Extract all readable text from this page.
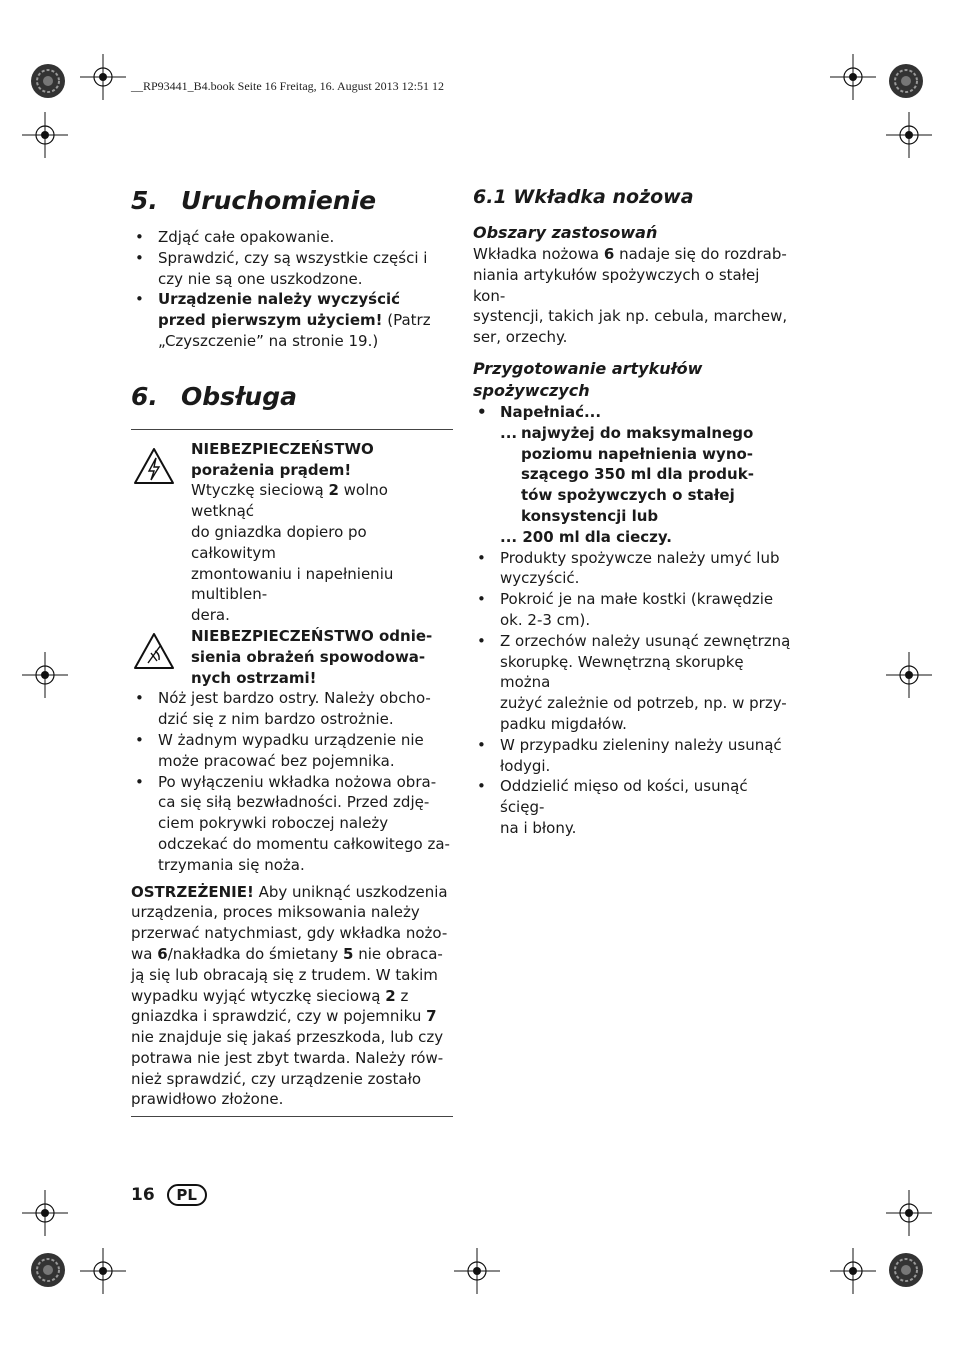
__RP93441_B4.book Seite 16 Freitag, 16. August 2013 12:51 12
5. Uruchomienie
• Zdjąć całe opakowanie.
• Sprawdzić, czy są wszystkie części i czy nie są one uszkodzone.
• Urządzenie należy wyczyścić
przed pierwszym użyciem! (Patrz
„Czyszczenie” na stronie 19.)
6. Obsługa
NIEBEZPIECZEŃSTWO
porażenia prądem!
Wtyczkę sieciową 2 wolno wetknąć
do gniazdka dopiero po całkowitym
zmontowaniu i napełnieniu multiblen-
dera.
NIEBEZPIECZEŃSTWO odnie-
sienia obrażeń spowodowa-
nych ostrzami!
• Nóż jest bardzo ostry. Należy obcho-
dzić się z nim bardzo ostrożnie.
• W żadnym wypadku urządzenie nie
może pracować bez pojemnika.
• Po wyłączeniu wkładka nożowa obra-
ca się siłą bezwładności. Przed zdję-
ciem pokrywki roboczej należy
odczekać do momentu całkowitego za-
trzymania się noża.
OSTRZEŻENIE! Aby uniknąć uszkodzenia
urządzenia, proces miksowania należy
przerwać natychmiast, gdy wkładka nożo-
wa 6/nakładka do śmietany 5 nie obraca-
ją się lub obracają się z trudem. W takim
wypadku wyjąć wtyczkę sieciową 2 z
gniazdka i sprawdzić, czy w pojemniku 7
nie znajduje się jakaś przeszkoda, lub czy
potrawa nie jest zbyt twarda. Należy rów-
nież sprawdzić, czy urządzenie zostało
prawidłowo złożone.
6.1 Wkładka nożowa
Obszary zastosowań
Wkładka nożowa 6 nadaje się do rozdrab-
niania artykułów spożywczych o stałej kon-
systencji, takich jak np. cebula, marchew,
ser, orzechy.
Przygotowanie artykułów
spożywczych
• Napełniać...
... najwyżej do maksymalnego
poziomu napełnienia wyno-
szącego 350 ml dla produk-
tów spożywczych o stałej
konsystencji lub
... 200 ml dla cieczy.
• Produkty spożywcze należy umyć lub
wyczyścić.
• Pokroić je na małe kostki (krawędzie
ok. 2-3 cm).
• Z orzechów należy usunąć zewnętrzną
skorupkę. Wewnętrzną skorupkę można
zużyć zależnie od potrzeb, np. w przy-
padku migdałów.
• W przypadku zieleniny należy usunąć
łodygi.
• Oddzielić mięso od kości, usunąć ścięg-
na i błony.
16	PL
